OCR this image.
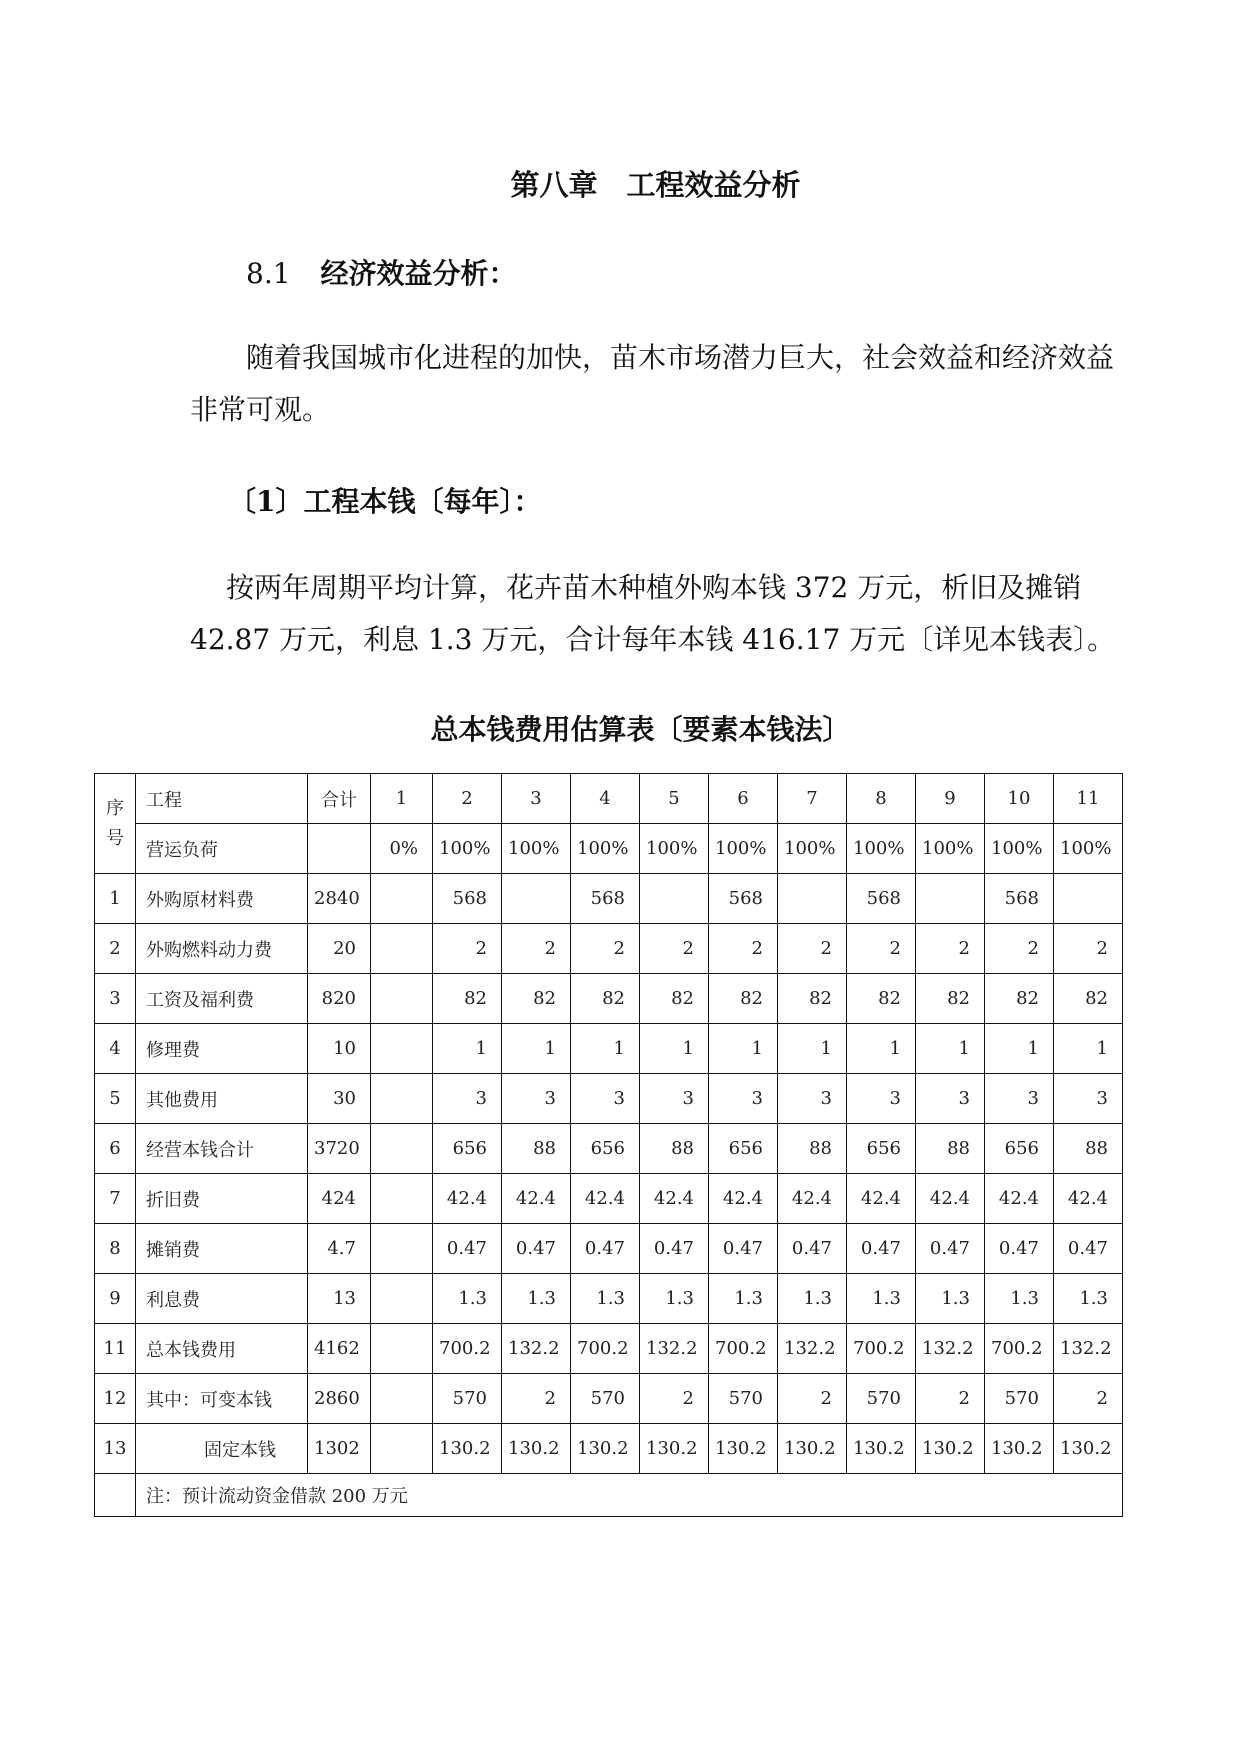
第八章　工程效益分析
8.1 经济效益分析：
随着我国城市化进程的加快，苗木市场潜力巨大，社会效益和经济效益非常可观。
〔1〕工程本钱〔每年〕：
按两年周期平均计算，花卉苗木种植外购本钱 372 万元，析旧及摊销 42.87 万元，利息 1.3 万元，合计每年本钱 416.17 万元〔详见本钱表〕。
总本钱费用估算表〔要素本钱法〕
序
号	工程	合计	1	2	3	4	5	6	7	8	9	10	11
	营运负荷		0%	100%	100%	100%	100%	100%	100%	100%	100%	100%	100%
1	外购原材料费	2840		568		568		568		568		568	
2	外购燃料动力费	20		2	2	2	2	2	2	2	2	2	2
3	工资及福利费	820		82	82	82	82	82	82	82	82	82	82
4	修理费	10		1	1	1	1	1	1	1	1	1	1
5	其他费用	30		3	3	3	3	3	3	3	3	3	3
6	经营本钱合计	3720		656	88	656	88	656	88	656	88	656	88
7	折旧费	424		42.4	42.4	42.4	42.4	42.4	42.4	42.4	42.4	42.4	42.4
8	摊销费	4.7		0.47	0.47	0.47	0.47	0.47	0.47	0.47	0.47	0.47	0.47
9	利息费	13		1.3	1.3	1.3	1.3	1.3	1.3	1.3	1.3	1.3	1.3
11	总本钱费用	4162		700.2	132.2	700.2	132.2	700.2	132.2	700.2	132.2	700.2	132.2
12	其中：可变本钱	2860		570	2	570	2	570	2	570	2	570	2
13	固定本钱	1302		130.2	130.2	130.2	130.2	130.2	130.2	130.2	130.2	130.2	130.2
	注：预计流动资金借款 200 万元												
